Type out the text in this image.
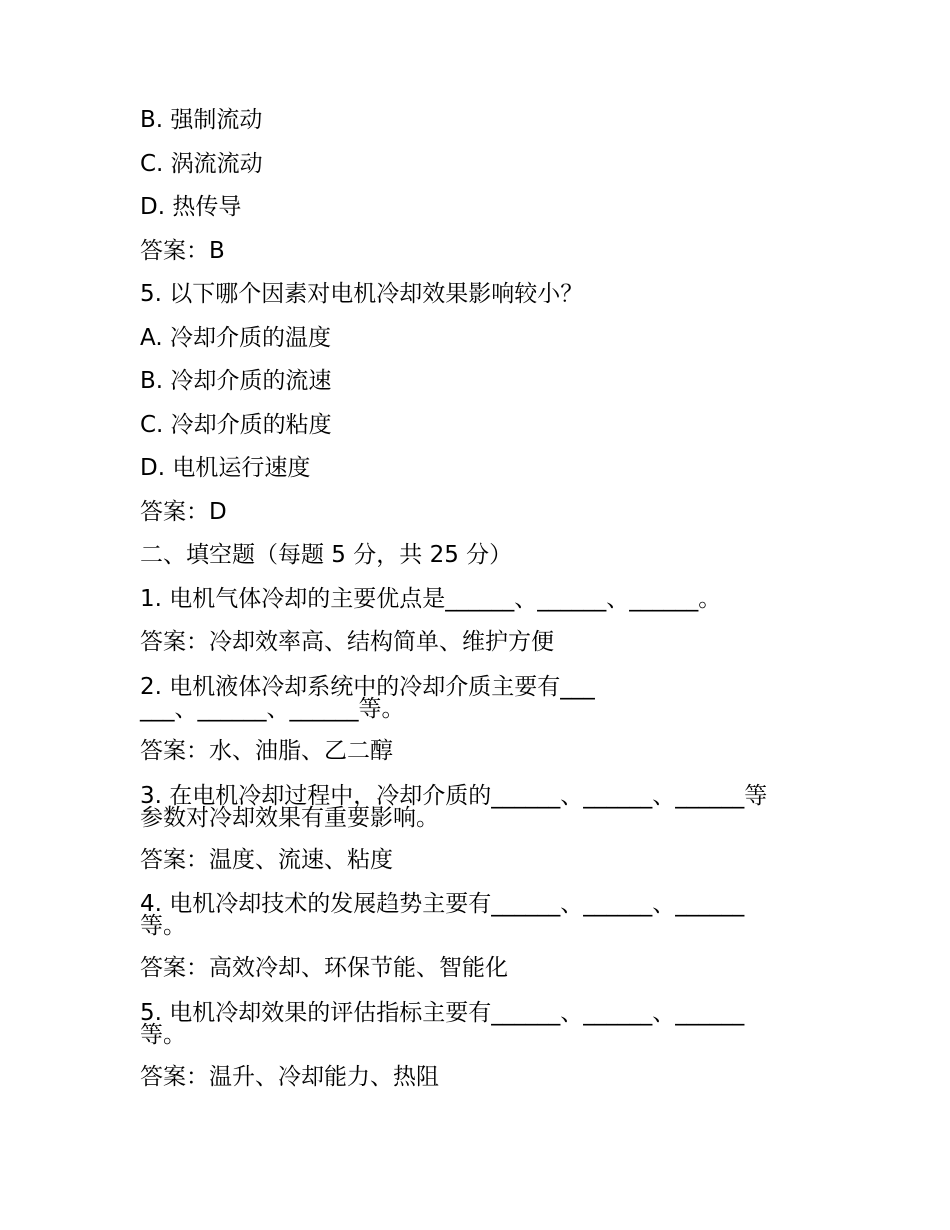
B. 强制流动
C. 涡流流动
D. 热传导
答案：B
5. 以下哪个因素对电机冷却效果影响较小？
A. 冷却介质的温度
B. 冷却介质的流速
C. 冷却介质的粘度
D. 电机运行速度
答案：D
二、填空题（每题 5 分，共 25 分）
1. 电机气体冷却的主要优点是______、______、______。
答案：冷却效率高、结构简单、维护方便
2. 电机液体冷却系统中的冷却介质主要有______、______、______等。
答案：水、油脂、乙二醇
3. 在电机冷却过程中，冷却介质的______、______、______等参数对冷却效果有重要影响。
答案：温度、流速、粘度
4. 电机冷却技术的发展趋势主要有______、______、______等。
答案：高效冷却、环保节能、智能化
5. 电机冷却效果的评估指标主要有______、______、______等。
答案：温升、冷却能力、热阻
